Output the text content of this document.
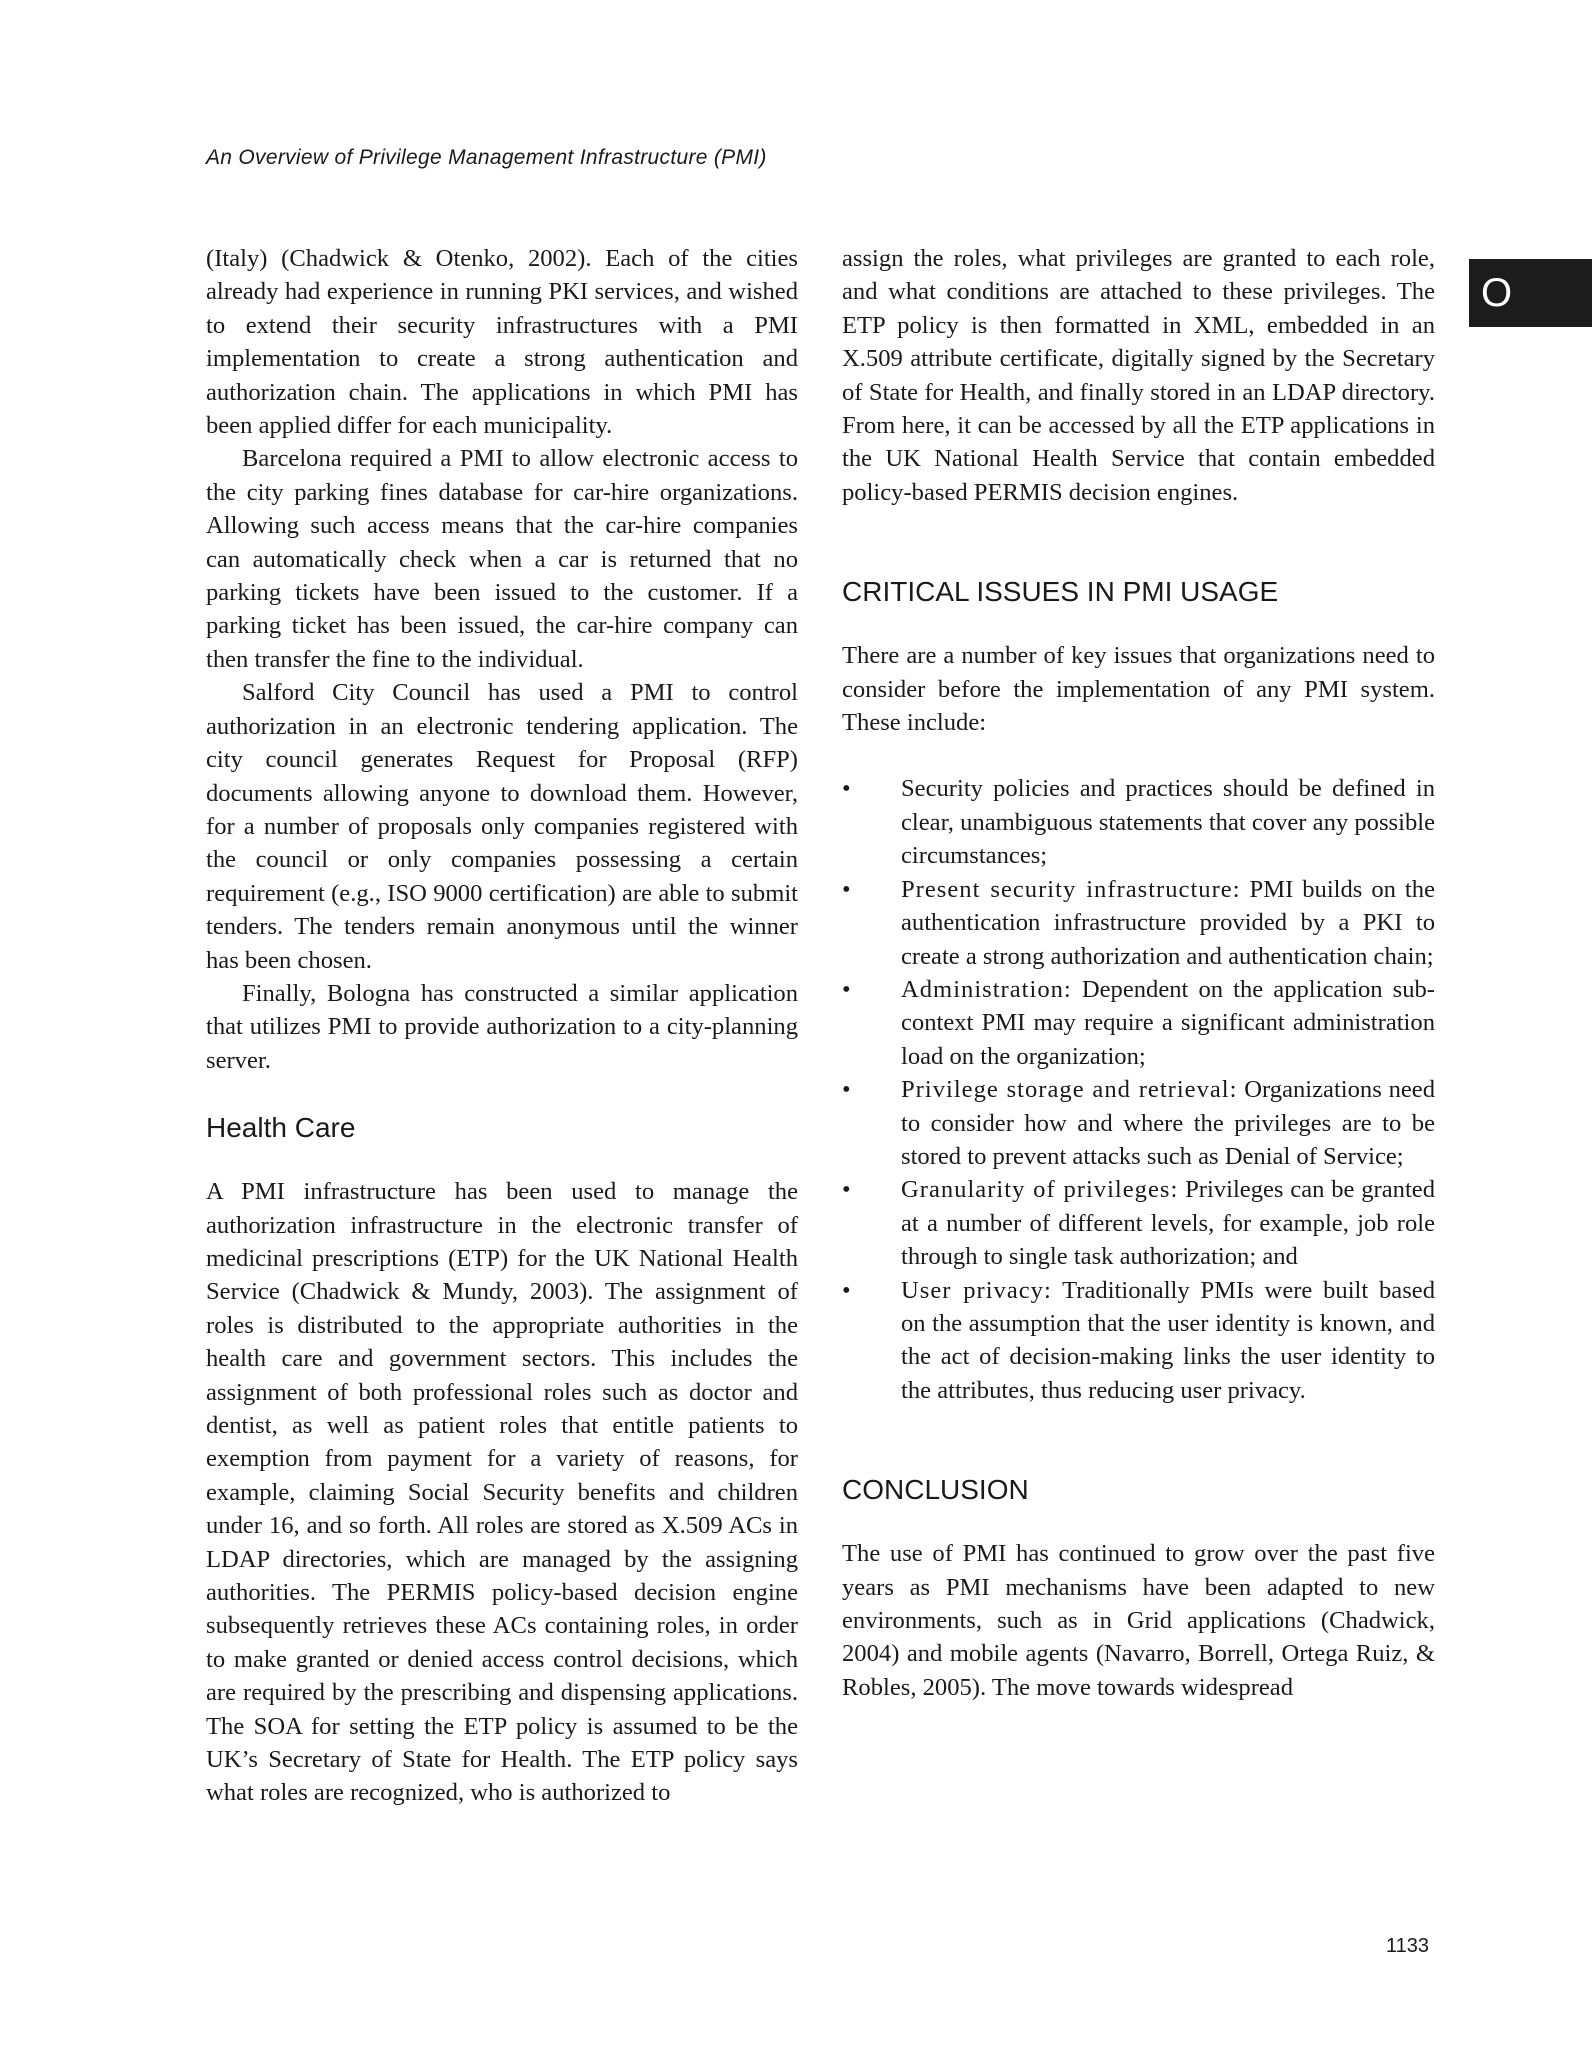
An Overview of Privilege Management Infrastructure (PMI)
O

(Italy) (Chadwick & Otenko, 2002). Each of the cities already had experience in running PKI services, and wished to extend their security infrastructures with a PMI implementation to create a strong authentication and authorization chain. The applications in which PMI has been applied differ for each municipality.

Barcelona required a PMI to allow electronic access to the city parking fines database for car-hire organizations. Allowing such access means that the car-hire companies can automatically check when a car is returned that no parking tickets have been issued to the customer. If a parking ticket has been issued, the car-hire company can then transfer the fine to the individual.

Salford City Council has used a PMI to control authorization in an electronic tendering application. The city council generates Request for Proposal (RFP) documents allowing anyone to download them. However, for a number of proposals only companies registered with the council or only companies possessing a certain requirement (e.g., ISO 9000 certification) are able to submit tenders. The tenders remain anonymous until the winner has been chosen.

Finally, Bologna has constructed a similar application that utilizes PMI to provide authorization to a city-planning server.

Health Care

A PMI infrastructure has been used to manage the authorization infrastructure in the electronic transfer of medicinal prescriptions (ETP) for the UK National Health Service (Chadwick & Mundy, 2003). The assignment of roles is distributed to the appropriate authorities in the health care and government sectors. This includes the assignment of both professional roles such as doctor and dentist, as well as patient roles that entitle patients to exemption from payment for a variety of reasons, for example, claiming Social Security benefits and children under 16, and so forth. All roles are stored as X.509 ACs in LDAP directories, which are managed by the assigning authorities. The PERMIS policy-based decision engine subsequently retrieves these ACs containing roles, in order to make granted or denied access control decisions, which are required by the prescribing and dispensing applications. The SOA for setting the ETP policy is assumed to be the UK’s Secretary of State for Health. The ETP policy says what roles are recognized, who is authorized to

assign the roles, what privileges are granted to each role, and what conditions are attached to these privileges. The ETP policy is then formatted in XML, embedded in an X.509 attribute certificate, digitally signed by the Secretary of State for Health, and finally stored in an LDAP directory. From here, it can be accessed by all the ETP applications in the UK National Health Service that contain embedded policy-based PERMIS decision engines.

CRITICAL ISSUES IN PMI USAGE

There are a number of key issues that organizations need to consider before the implementation of any PMI system. These include:

• Security policies and practices should be defined in clear, unambiguous statements that cover any possible circumstances;
• Present security infrastructure: PMI builds on the authentication infrastructure provided by a PKI to create a strong authorization and authentication chain;
• Administration: Dependent on the application sub-context PMI may require a significant administration load on the organization;
• Privilege storage and retrieval: Organizations need to consider how and where the privileges are to be stored to prevent attacks such as Denial of Service;
• Granularity of privileges: Privileges can be granted at a number of different levels, for example, job role through to single task authorization; and
• User privacy: Traditionally PMIs were built based on the assumption that the user identity is known, and the act of decision-making links the user identity to the attributes, thus reducing user privacy.
CONCLUSION

The use of PMI has continued to grow over the past five years as PMI mechanisms have been adapted to new environments, such as in Grid applications (Chadwick, 2004) and mobile agents (Navarro, Borrell, Ortega Ruiz, & Robles, 2005). The move towards widespread

1133
